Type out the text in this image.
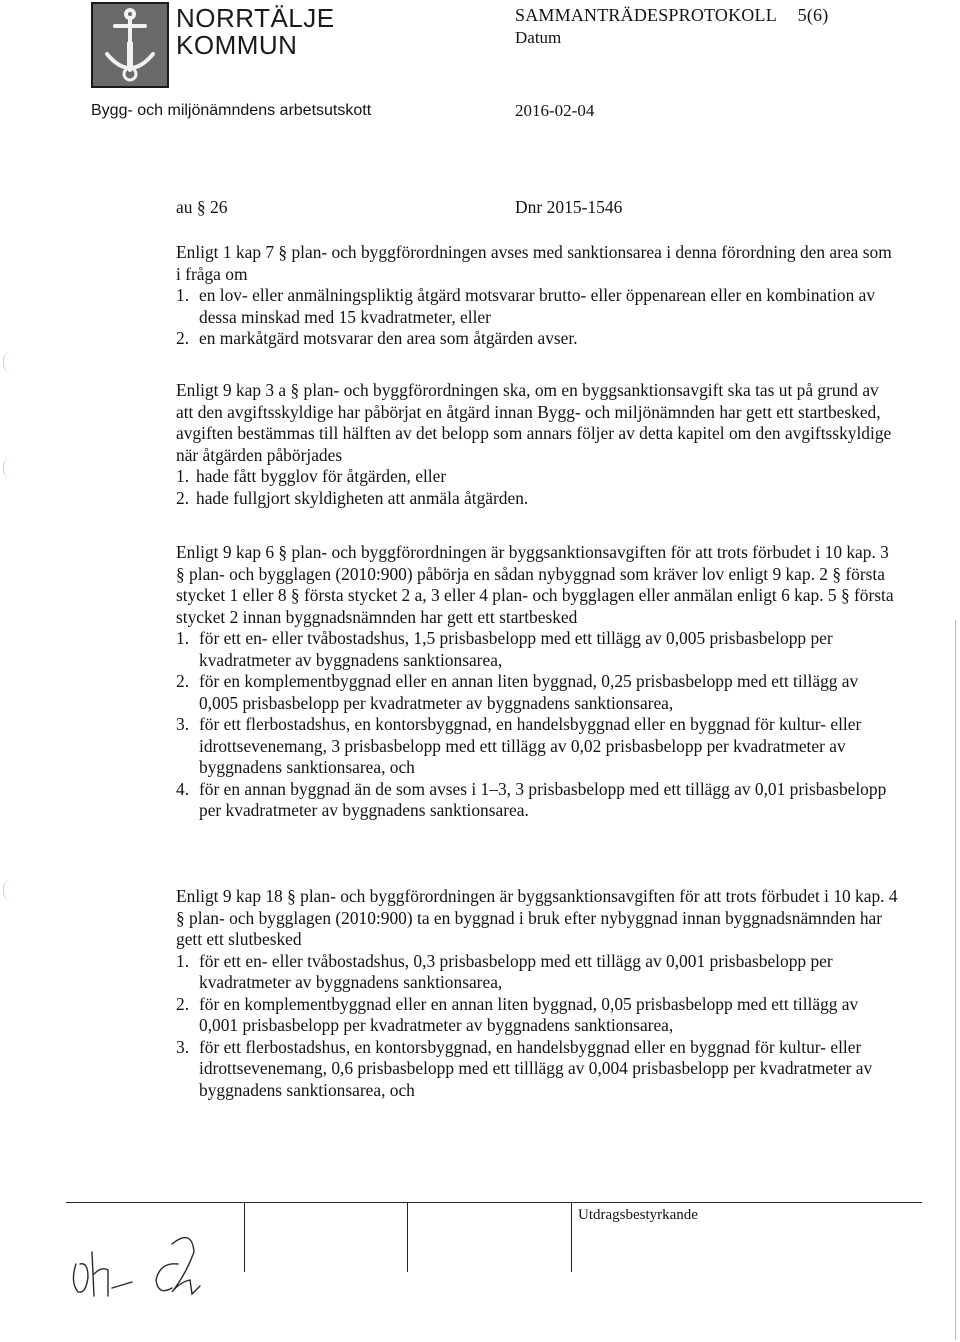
NORRTÄLJE
KOMMUN
Bygg- och miljönämndens arbetsutskott
SAMMANTRÄDESPROTOKOLL 5(6)
Datum
2016-02-04
au § 26	Dnr 2015-1546

Enligt 1 kap 7 § plan- och byggförordningen avses med sanktionsarea i denna förordning den area som i fråga om

1. en lov- eller anmälningspliktig åtgärd motsvarar brutto- eller öppenarean eller en kombination av dessa minskad med 15 kvadratmeter, eller
2. en markåtgärd motsvarar den area som åtgärden avser.

Enligt 9 kap 3 a § plan- och byggförordningen ska, om en byggsanktionsavgift ska tas ut på grund av att den avgiftsskyldige har påbörjat en åtgärd innan Bygg- och miljönämnden har gett ett startbesked, avgiften bestämmas till hälften av det belopp som annars följer av detta kapitel om den avgiftsskyldige när åtgärden påbörjades

1. hade fått bygglov för åtgärden, eller
2. hade fullgjort skyldigheten att anmäla åtgärden.

Enligt 9 kap 6 § plan- och byggförordningen är byggsanktionsavgiften för att trots förbudet i 10 kap. 3 § plan- och bygglagen (2010:900) påbörja en sådan nybyggnad som kräver lov enligt 9 kap. 2 § första stycket 1 eller 8 § första stycket 2 a, 3 eller 4 plan- och bygglagen eller anmälan enligt 6 kap. 5 § första stycket 2 innan byggnadsnämnden har gett ett startbesked

1. för ett en- eller tvåbostadshus, 1,5 prisbasbelopp med ett tillägg av 0,005 prisbasbelopp per kvadratmeter av byggnadens sanktionsarea,
2. för en komplementbyggnad eller en annan liten byggnad, 0,25 prisbasbelopp med ett tillägg av 0,005 prisbasbelopp per kvadratmeter av byggnadens sanktionsarea,
3. för ett flerbostadshus, en kontorsbyggnad, en handelsbyggnad eller en byggnad för kultur- eller idrottsevenemang, 3 prisbasbelopp med ett tillägg av 0,02 prisbasbelopp per kvadratmeter av byggnadens sanktionsarea, och
4. för en annan byggnad än de som avses i 1–3, 3 prisbasbelopp med ett tillägg av 0,01 prisbasbelopp per kvadratmeter av byggnadens sanktionsarea.

Enligt 9 kap 18 § plan- och byggförordningen är byggsanktionsavgiften för att trots förbudet i 10 kap. 4 § plan- och bygglagen (2010:900) ta en byggnad i bruk efter nybyggnad innan byggnadsnämnden har gett ett slutbesked

1. för ett en- eller tvåbostadshus, 0,3 prisbasbelopp med ett tillägg av 0,001 prisbasbelopp per kvadratmeter av byggnadens sanktionsarea,
2. för en komplementbyggnad eller en annan liten byggnad, 0,05 prisbasbelopp med ett tillägg av 0,001 prisbasbelopp per kvadratmeter av byggnadens sanktionsarea,
3. för ett flerbostadshus, en kontorsbyggnad, en handelsbyggnad eller en byggnad för kultur- eller idrottsevenemang, 0,6 prisbasbelopp med ett tilllägg av 0,004 prisbasbelopp per kvadratmeter av byggnadens sanktionsarea, och
Utdragsbestyrkande
